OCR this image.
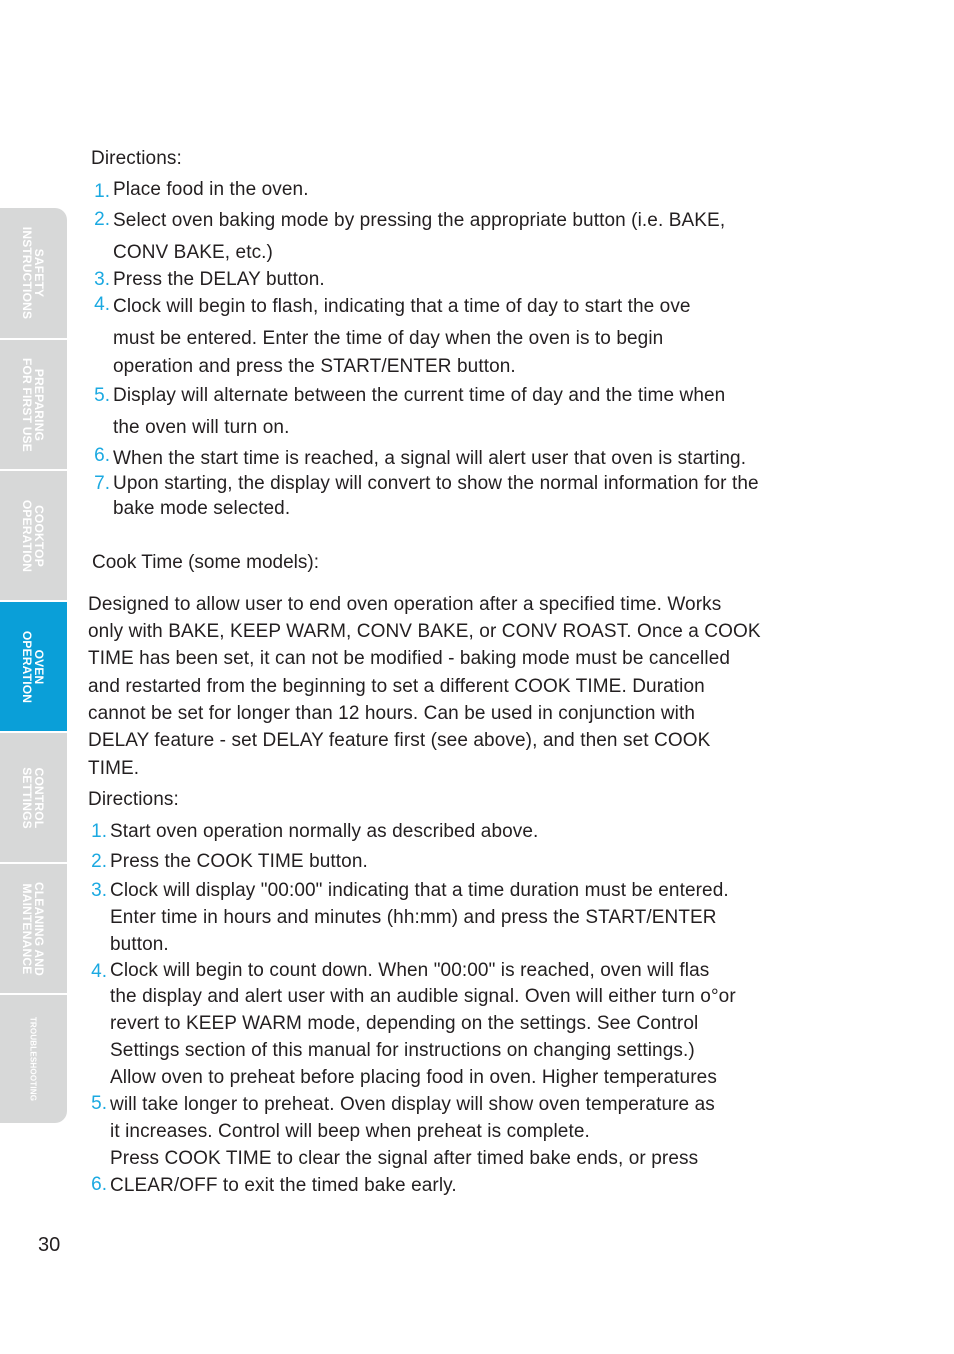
SAFETY
INSTRUCTIONS
PREPARING
FOR FIRST USE
COOKTOP
OPERATION
OVEN
OPERATION
CONTROL
SETTINGS
CLEANING AND
MAINTENANCE
TROUBLESHOOTING
Directions:
1. Place food in the oven.
2. Select oven baking mode by pressing the appropriate button (i.e. BAKE,
CONV BAKE, etc.)
3. Press the DELAY button.
4. Clock will begin to flash, indicating that a time of day to start the ove
must be entered. Enter the time of day when the oven is to begin
operation and press the START/ENTER button.
5. Display will alternate between the current time of day and the time when
the oven will turn on.
6. When the start time is reached, a signal will alert user that oven is starting.
7. Upon starting, the display will convert to show the normal information for the
bake mode selected.
Cook Time (some models):
Designed to allow user to end oven operation after a specified time. Works
only with BAKE, KEEP WARM, CONV BAKE, or CONV ROAST. Once a COOK
TIME has been set, it can not be modified - baking mode must be cancelled
and restarted from the beginning to set a different COOK TIME. Duration
cannot be set for longer than 12 hours. Can be used in conjunction with
DELAY feature - set DELAY feature first (see above), and then set COOK
TIME.
Directions:
1. Start oven operation normally as described above.
2. Press the COOK TIME button.
3. Clock will display "00:00" indicating that a time duration must be entered.
Enter time in hours and minutes (hh:mm) and press the START/ENTER
button.
4. Clock will begin to count down. When "00:00" is reached, oven will flas
the display and alert user with an audible signal. Oven will either turn o°or
revert to KEEP WARM mode, depending on the settings. See Control
Settings section of this manual for instructions on changing settings.)
Allow oven to preheat before placing food in oven. Higher temperatures
5. will take longer to preheat. Oven display will show oven temperature as
it increases. Control will beep when preheat is complete.
Press COOK TIME to clear the signal after timed bake ends, or press
6. CLEAR/OFF to exit the timed bake early.
30
